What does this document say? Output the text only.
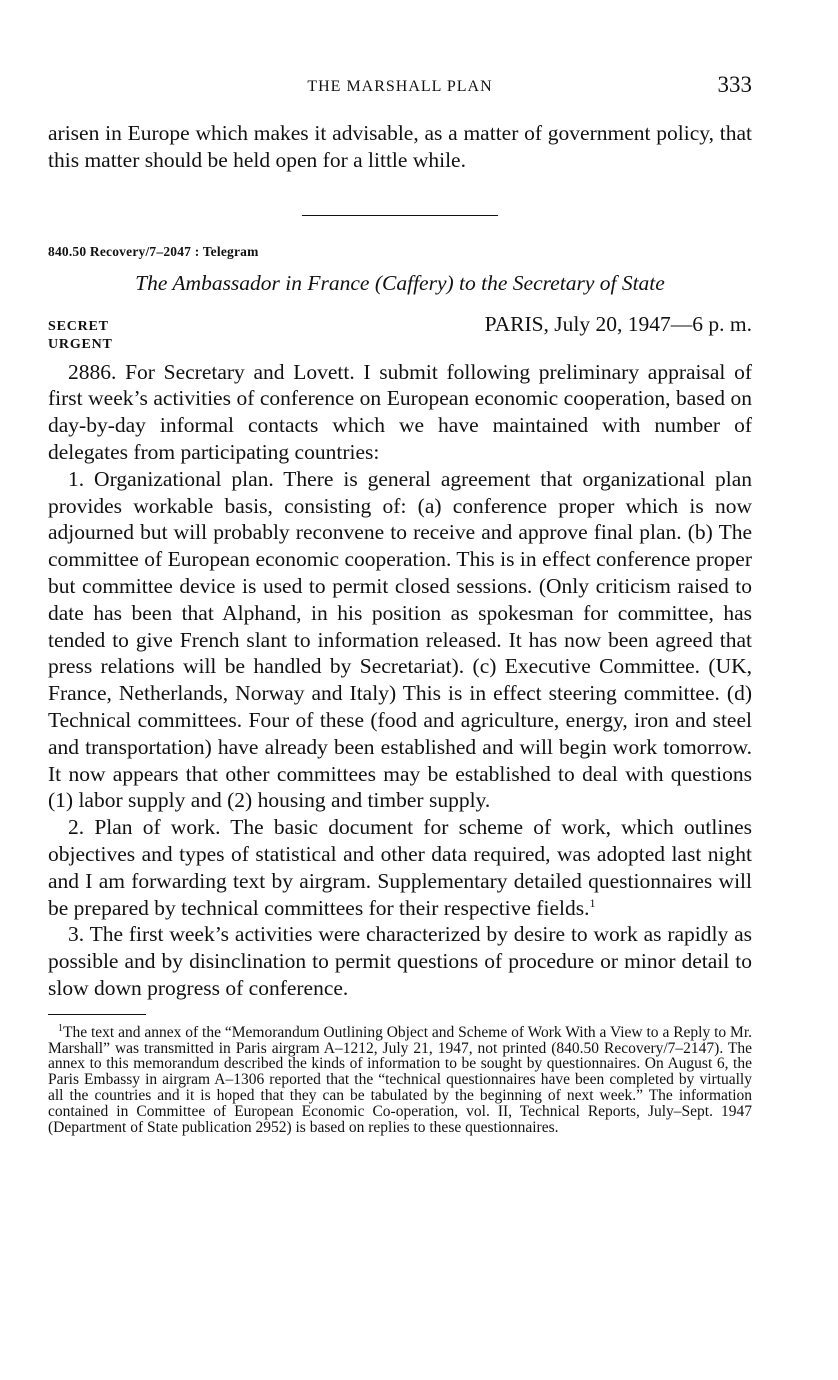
THE MARSHALL PLAN	333

arisen in Europe which makes it advisable, as a matter of government policy, that this matter should be held open for a little while.

840.50 Recovery/7–2047 : Telegram
The Ambassador in France (Caffery) to the Secretary of State
SECRET	PARIS, July 20, 1947—6 p. m.
URGENT

2886. For Secretary and Lovett. I submit following preliminary appraisal of first week’s activities of conference on European economic cooperation, based on day-by-day informal contacts which we have maintained with number of delegates from participating countries:

1. Organizational plan. There is general agreement that organizational plan provides workable basis, consisting of: (a) conference proper which is now adjourned but will probably reconvene to receive and approve final plan. (b) The committee of European economic cooperation. This is in effect conference proper but committee device is used to permit closed sessions. (Only criticism raised to date has been that Alphand, in his position as spokesman for committee, has tended to give French slant to information released. It has now been agreed that press relations will be handled by Secretariat). (c) Executive Committee. (UK, France, Netherlands, Norway and Italy) This is in effect steering committee. (d) Technical committees. Four of these (food and agriculture, energy, iron and steel and transportation) have already been established and will begin work tomorrow. It now appears that other committees may be established to deal with questions (1) labor supply and (2) housing and timber supply.

2. Plan of work. The basic document for scheme of work, which outlines objectives and types of statistical and other data required, was adopted last night and I am forwarding text by airgram. Supplementary detailed questionnaires will be prepared by technical committees for their respective fields.$^1$

3. The first week’s activities were characterized by desire to work as rapidly as possible and by disinclination to permit questions of procedure or minor detail to slow down progress of conference.

$^1$The text and annex of the “Memorandum Outlining Object and Scheme of Work With a View to a Reply to Mr. Marshall” was transmitted in Paris airgram A–1212, July 21, 1947, not printed (840.50 Recovery/7–2147). The annex to this memorandum described the kinds of information to be sought by questionnaires. On August 6, the Paris Embassy in airgram A–1306 reported that the “technical questionnaires have been completed by virtually all the countries and it is hoped that they can be tabulated by the beginning of next week.” The information contained in Committee of European Economic Co-operation, vol. II, Technical Reports, July–Sept. 1947 (Department of State publication 2952) is based on replies to these questionnaires.
